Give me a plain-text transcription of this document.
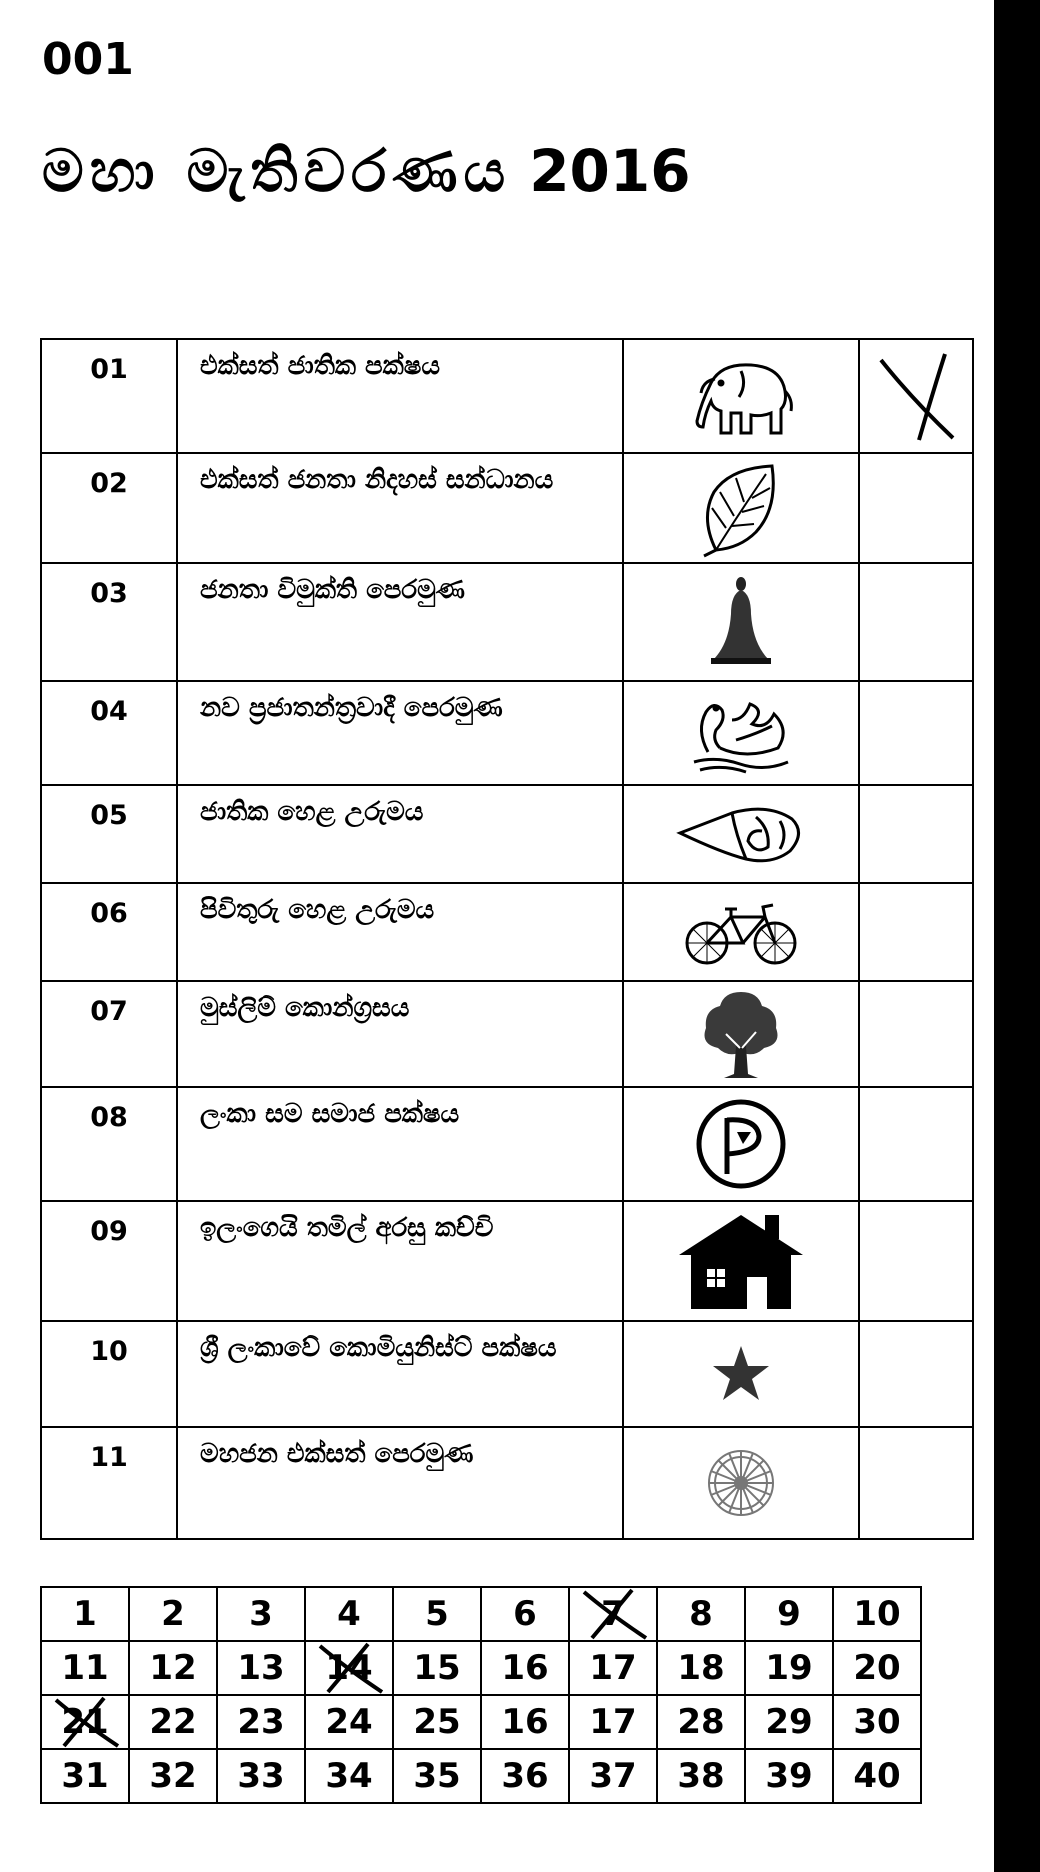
001
මහා මැතිවරණය 2016
01	එක්සත් ජාතික පක්ෂය	

02	එක්සත් ජනතා නිදහස් සන්ධානය	

03	ජනතා විමුක්ති පෙරමුණ	

04	නව ප්‍රජාතන්ත්‍රවාදී පෙරමුණ	

05	ජාතික හෙළ උරුමය	

06	පිවිතුරු හෙළ උරුමය	

07	මුස්ලිම් කොන්ග්‍රසය	

08	ලංකා සම සමාජ පක්ෂය	

09	ඉලංගෙයි තමිල් අරසු කච්චි	

10	ශ්‍රී ලංකාවේ කොමියුනිස්ට් පක්ෂය	

11	මහජන එක්සත් පෙරමුණ	

1	2	3	4	5	6	7	8	9	10
11	12	13	14	15	16	17	18	19	20
21	22	23	24	25	16	17	28	29	30
31	32	33	34	35	36	37	38	39	40
